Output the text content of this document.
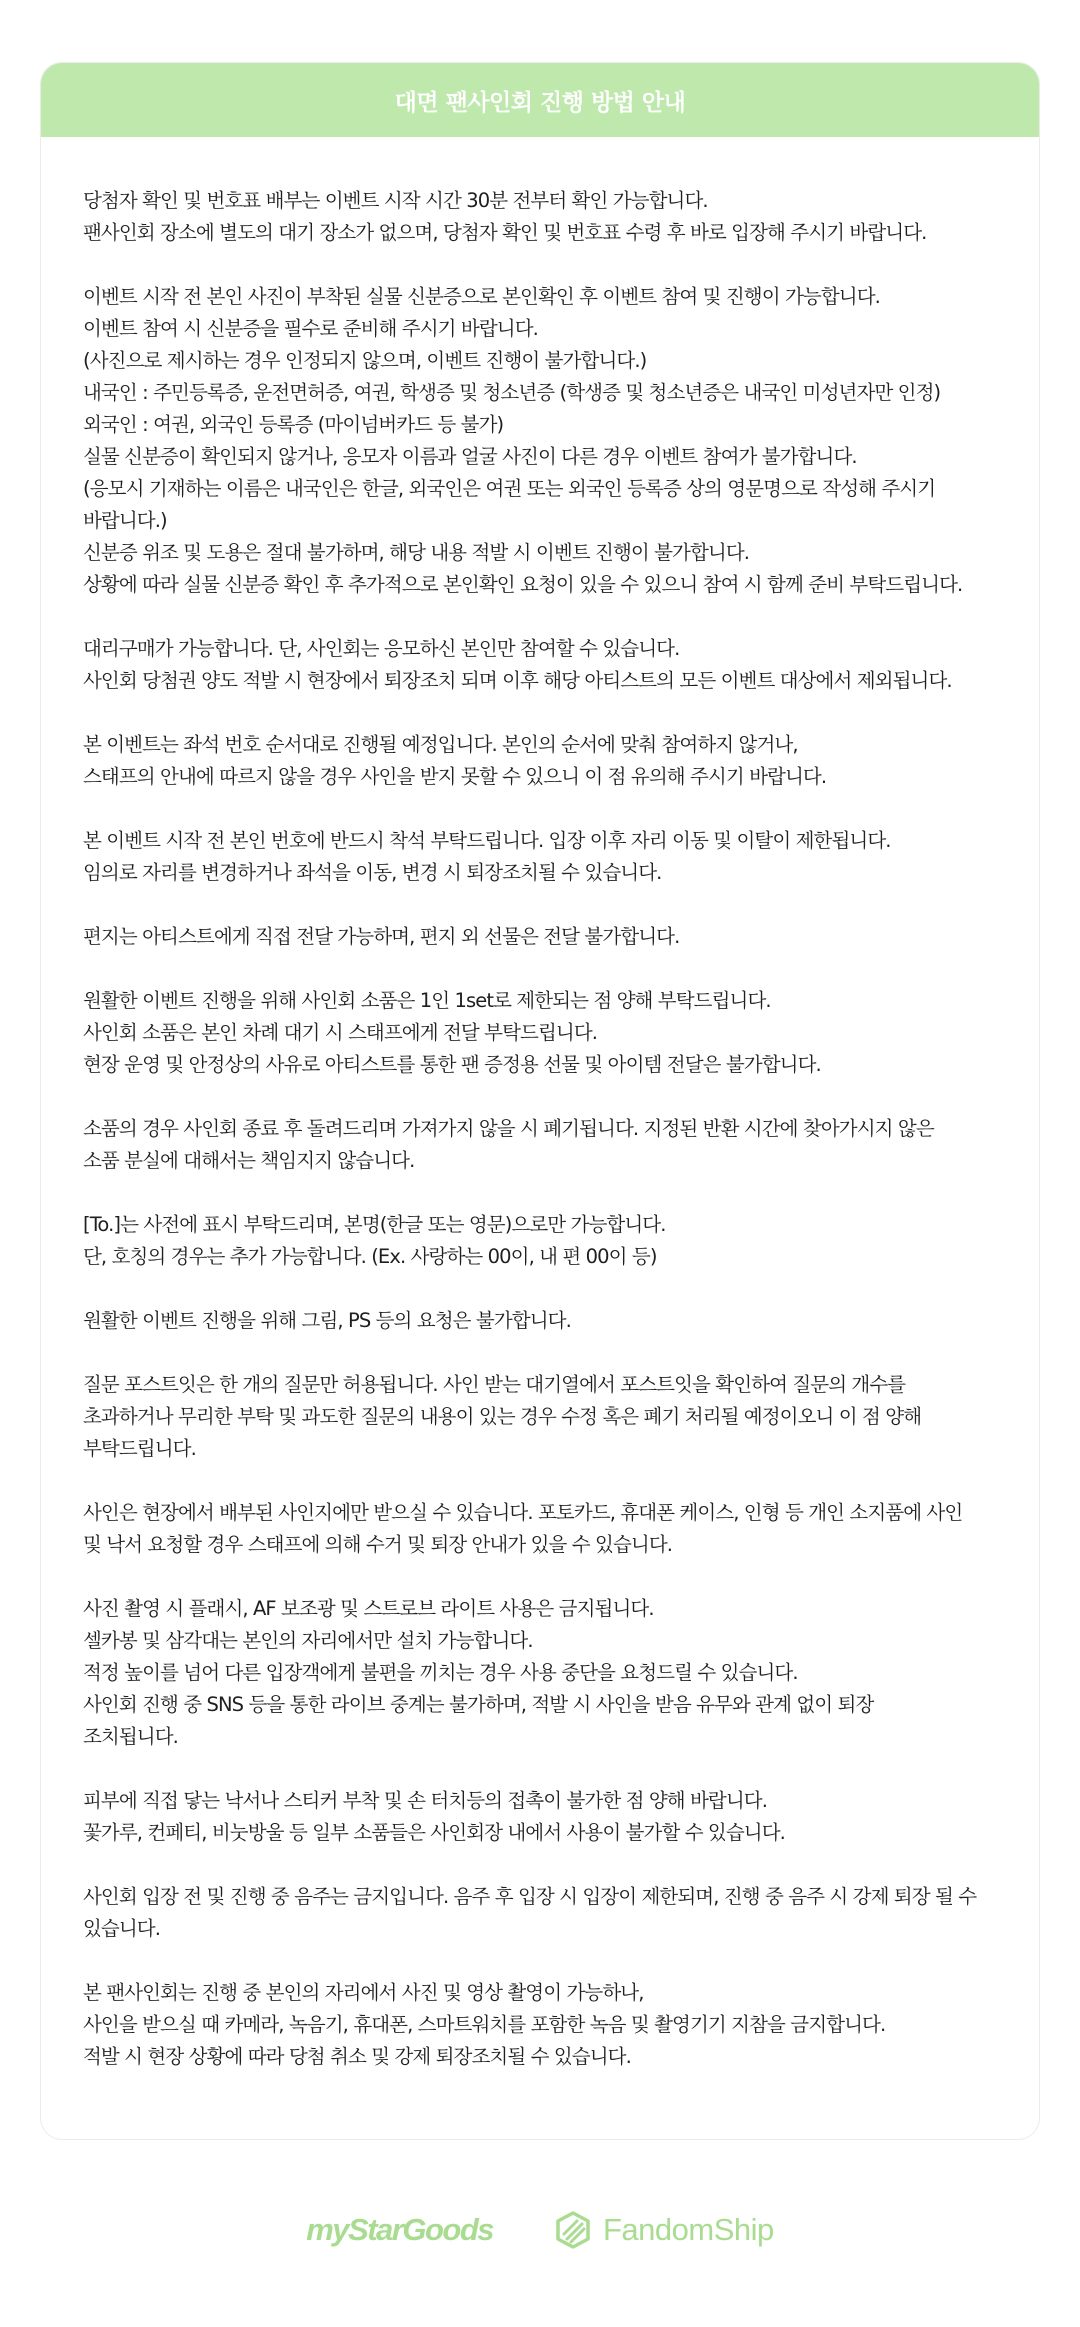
대면 팬사인회 진행 방법 안내
당첨자 확인 및 번호표 배부는 이벤트 시작 시간 30분 전부터 확인 가능합니다.
팬사인회 장소에 별도의 대기 장소가 없으며, 당첨자 확인 및 번호표 수령 후 바로 입장해 주시기 바랍니다.
이벤트 시작 전 본인 사진이 부착된 실물 신분증으로 본인확인 후 이벤트 참여 및 진행이 가능합니다.
이벤트 참여 시 신분증을 필수로 준비해 주시기 바랍니다.
(사진으로 제시하는 경우 인정되지 않으며, 이벤트 진행이 불가합니다.)
내국인 : 주민등록증, 운전면허증, 여권, 학생증 및 청소년증 (학생증 및 청소년증은 내국인 미성년자만 인정)
외국인 : 여권, 외국인 등록증 (마이넘버카드 등 불가)
실물 신분증이 확인되지 않거나, 응모자 이름과 얼굴 사진이 다른 경우 이벤트 참여가 불가합니다.
(응모시 기재하는 이름은 내국인은 한글, 외국인은 여권 또는 외국인 등록증 상의 영문명으로 작성해 주시기
바랍니다.)
신분증 위조 및 도용은 절대 불가하며, 해당 내용 적발 시 이벤트 진행이 불가합니다.
상황에 따라 실물 신분증 확인 후 추가적으로 본인확인 요청이 있을 수 있으니 참여 시 함께 준비 부탁드립니다.
대리구매가 가능합니다. 단, 사인회는 응모하신 본인만 참여할 수 있습니다.
사인회 당첨권 양도 적발 시 현장에서 퇴장조치 되며 이후 해당 아티스트의 모든 이벤트 대상에서 제외됩니다.
본 이벤트는 좌석 번호 순서대로 진행될 예정입니다. 본인의 순서에 맞춰 참여하지 않거나,
스태프의 안내에 따르지 않을 경우 사인을 받지 못할 수 있으니 이 점 유의해 주시기 바랍니다.
본 이벤트 시작 전 본인 번호에 반드시 착석 부탁드립니다. 입장 이후 자리 이동 및 이탈이 제한됩니다.
임의로 자리를 변경하거나 좌석을 이동, 변경 시 퇴장조치될 수 있습니다.
편지는 아티스트에게 직접 전달 가능하며, 편지 외 선물은 전달 불가합니다.
원활한 이벤트 진행을 위해 사인회 소품은 1인 1set로 제한되는 점 양해 부탁드립니다.
사인회 소품은 본인 차례 대기 시 스태프에게 전달 부탁드립니다.
현장 운영 및 안정상의 사유로 아티스트를 통한 팬 증정용 선물 및 아이템 전달은 불가합니다.
소품의 경우 사인회 종료 후 돌려드리며 가져가지 않을 시 폐기됩니다. 지정된 반환 시간에 찾아가시지 않은
소품 분실에 대해서는 책임지지 않습니다.
[To.]는 사전에 표시 부탁드리며, 본명(한글 또는 영문)으로만 가능합니다.
단, 호칭의 경우는 추가 가능합니다. (Ex. 사랑하는 00이, 내 편 00이 등)
원활한 이벤트 진행을 위해 그림, PS 등의 요청은 불가합니다.
질문 포스트잇은 한 개의 질문만 허용됩니다. 사인 받는 대기열에서 포스트잇을 확인하여 질문의 개수를
초과하거나 무리한 부탁 및 과도한 질문의 내용이 있는 경우 수정 혹은 폐기 처리될 예정이오니 이 점 양해
부탁드립니다.
사인은 현장에서 배부된 사인지에만 받으실 수 있습니다. 포토카드, 휴대폰 케이스, 인형 등 개인 소지품에 사인
및 낙서 요청할 경우 스태프에 의해 수거 및 퇴장 안내가 있을 수 있습니다.
사진 촬영 시 플래시, AF 보조광 및 스트로브 라이트 사용은 금지됩니다.
셀카봉 및 삼각대는 본인의 자리에서만 설치 가능합니다.
적정 높이를 넘어 다른 입장객에게 불편을 끼치는 경우 사용 중단을 요청드릴 수 있습니다.
사인회 진행 중 SNS 등을 통한 라이브 중계는 불가하며, 적발 시 사인을 받음 유무와 관계 없이 퇴장
조치됩니다.
피부에 직접 닿는 낙서나 스티커 부착 및 손 터치등의 접촉이 불가한 점 양해 바랍니다.
꽃가루, 컨페티, 비눗방울 등 일부 소품들은 사인회장 내에서 사용이 불가할 수 있습니다.
사인회 입장 전 및 진행 중 음주는 금지입니다. 음주 후 입장 시 입장이 제한되며, 진행 중 음주 시 강제 퇴장 될 수
있습니다.
본 팬사인회는 진행 중 본인의 자리에서 사진 및 영상 촬영이 가능하나,
사인을 받으실 때 카메라, 녹음기, 휴대폰, 스마트워치를 포함한 녹음 및 촬영기기 지참을 금지합니다.
적발 시 현장 상황에 따라 당첨 취소 및 강제 퇴장조치될 수 있습니다.
myStarGoods	FandomShip
